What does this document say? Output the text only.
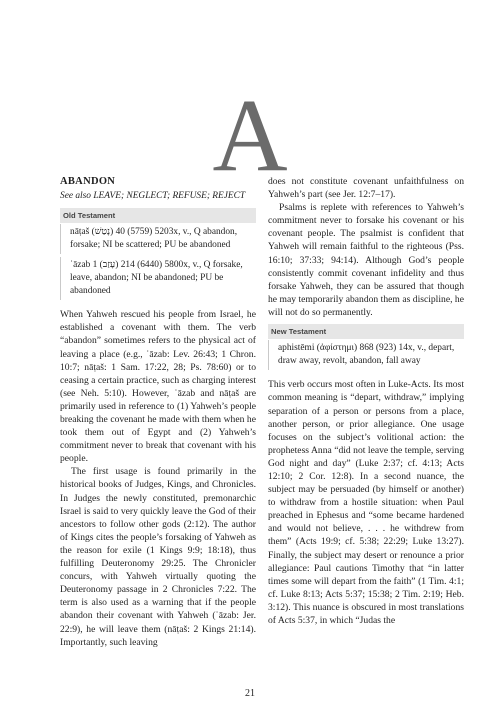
A
ABANDON
See also LEAVE; NEGLECT; REFUSE; REJECT
Old Testament
nāṭaš (נָטַשׁ) 5203 (5759) 40x, v., Q abandon, forsake; NI be scattered; PU be abandoned
ʿāzab 1 (עָזַב) 5800 (6440) 214x, v., Q forsake, leave, abandon; NI be abandoned; PU be abandoned

When Yahweh rescued his people from Israel, he established a covenant with them. The verb “abandon” sometimes refers to the physical act of leaving a place (e.g., ʿāzab: Lev. 26:43; 1 Chron. 10:7; nāṭaš: 1 Sam. 17:22, 28; Ps. 78:60) or to ceasing a certain practice, such as charging interest (see Neh. 5:10). However, ʿāzab and nāṭaš are primarily used in reference to (1) Yahweh’s people breaking the covenant he made with them when he took them out of Egypt and (2) Yahweh’s commitment never to break that covenant with his people.

The first usage is found primarily in the historical books of Judges, Kings, and Chronicles. In Judges the newly constituted, premonarchic Israel is said to very quickly leave the God of their ancestors to follow other gods (2:12). The author of Kings cites the people’s forsaking of Yahweh as the reason for exile (1 Kings 9:9; 18:18), thus fulfilling Deuteronomy 29:25. The Chronicler concurs, with Yahweh virtually quoting the Deuteronomy passage in 2 Chronicles 7:22. The term is also used as a warning that if the people abandon their covenant with Yahweh (ʿāzab: Jer. 22:9), he will leave them (nāṭaš: 2 Kings 21:14). Importantly, such leaving

does not constitute covenant unfaithfulness on Yahweh’s part (see Jer. 12:7–17).

Psalms is replete with references to Yahweh’s commitment never to forsake his covenant or his covenant people. The psalmist is confident that Yahweh will remain faithful to the righteous (Pss. 16:10; 37:33; 94:14). Although God’s people consistently commit covenant infidelity and thus forsake Yahweh, they can be assured that though he may temporarily abandon them as discipline, he will not do so permanently.

New Testament
aphistēmi (ἀφίστημι) 868 (923) 14x, v., depart, draw away, revolt, abandon, fall away

This verb occurs most often in Luke-Acts. Its most common meaning is “depart, withdraw,” implying separation of a person or persons from a place, another person, or prior allegiance. One usage focuses on the subject’s volitional action: the prophetess Anna “did not leave the temple, serving God night and day” (Luke 2:37; cf. 4:13; Acts 12:10; 2 Cor. 12:8). In a second nuance, the subject may be persuaded (by himself or another) to withdraw from a hostile situation: when Paul preached in Ephesus and “some became hardened and would not believe, . . . he withdrew from them” (Acts 19:9; cf. 5:38; 22:29; Luke 13:27). Finally, the subject may desert or renounce a prior allegiance: Paul cautions Timothy that “in latter times some will depart from the faith” (1 Tim. 4:1; cf. Luke 8:13; Acts 5:37; 15:38; 2 Tim. 2:19; Heb. 3:12). This nuance is obscured in most translations of Acts 5:37, in which “Judas the

21
